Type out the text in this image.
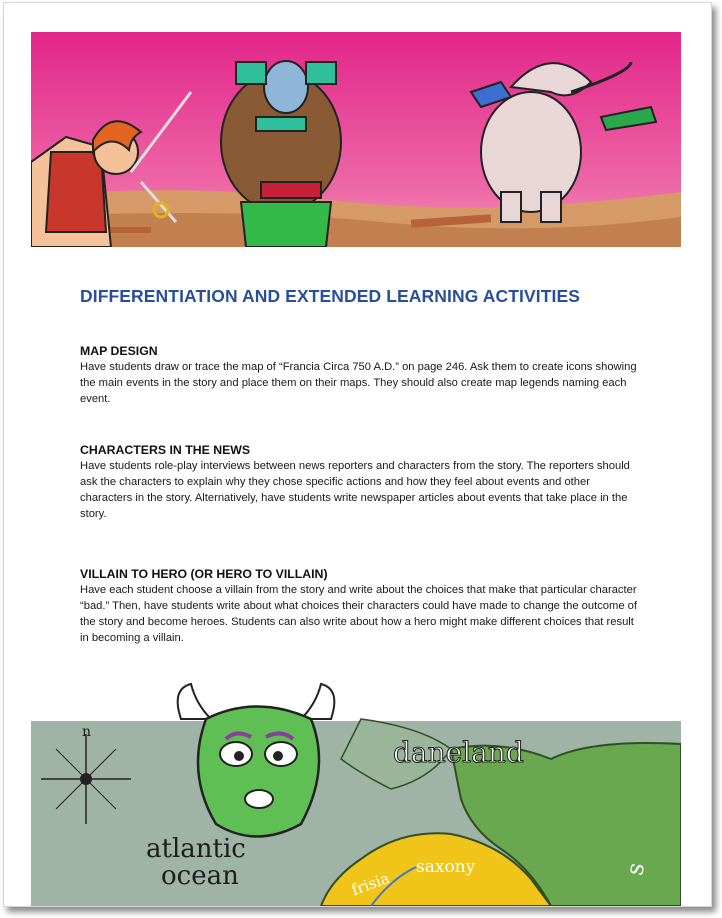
DIFFERENTIATION AND EXTENDED LEARNING ACTIVITIES
MAP DESIGN

Have students draw or trace the map of “Francia Circa 750 A.D.” on page 246. Ask them to create icons showing the main events in the story and place them on their maps. They should also create map legends naming each event.

CHARACTERS IN THE NEWS

Have students role-play interviews between news reporters and characters from the story. The reporters should ask the characters to explain why they chose specific actions and how they feel about events and other characters in the story. Alternatively, have students write newspaper articles about events that take place in the story.

VILLAIN TO HERO (OR HERO TO VILLAIN)

Have each student choose a villain from the story and write about the choices that make that particular character “bad.” Then, have students write about what choices their characters could have made to change the outcome of the story and become heroes. Students can also write about how a hero might make different choices that result in becoming a villain.

daneland
atlantic
ocean	saxony
frisia	s
n
